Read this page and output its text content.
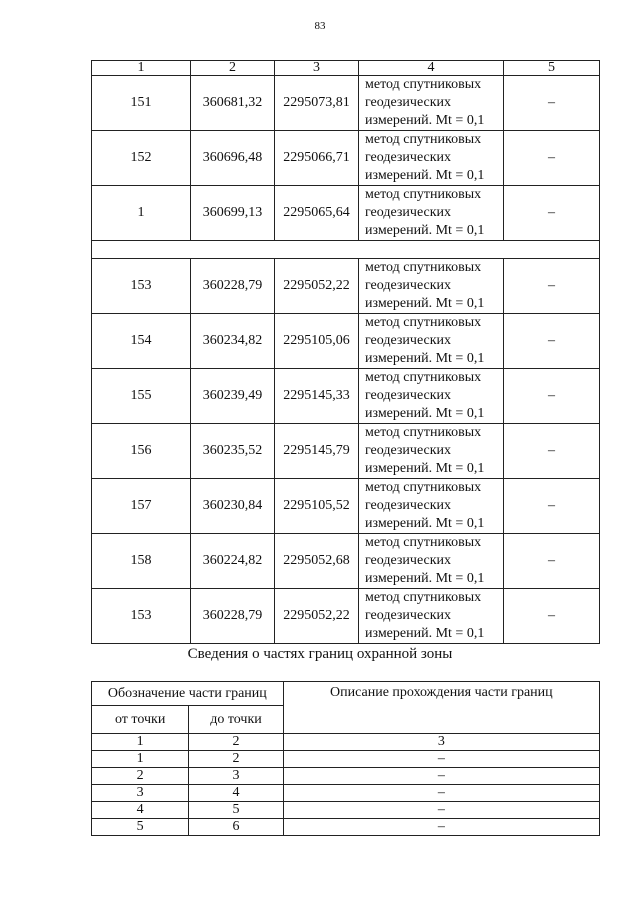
83
1	2	3	4	5
151	360681,32	2295073,81	метод спутниковых
геодезических
измерений. Mt = 0,1	–
152	360696,48	2295066,71	метод спутниковых
геодезических
измерений. Mt = 0,1	–
1	360699,13	2295065,64	метод спутниковых
геодезических
измерений. Mt = 0,1	–

153	360228,79	2295052,22	метод спутниковых
геодезических
измерений. Mt = 0,1	–
154	360234,82	2295105,06	метод спутниковых
геодезических
измерений. Mt = 0,1	–
155	360239,49	2295145,33	метод спутниковых
геодезических
измерений. Mt = 0,1	–
156	360235,52	2295145,79	метод спутниковых
геодезических
измерений. Mt = 0,1	–
157	360230,84	2295105,52	метод спутниковых
геодезических
измерений. Mt = 0,1	–
158	360224,82	2295052,68	метод спутниковых
геодезических
измерений. Mt = 0,1	–
153	360228,79	2295052,22	метод спутниковых
геодезических
измерений. Mt = 0,1	–
Сведения о частях границ охранной зоны
Обозначение части границ		Описание прохождения части границ
от точки	до точки	
1	2	3
1	2	–
2	3	–
3	4	–
4	5	–
5	6	–
